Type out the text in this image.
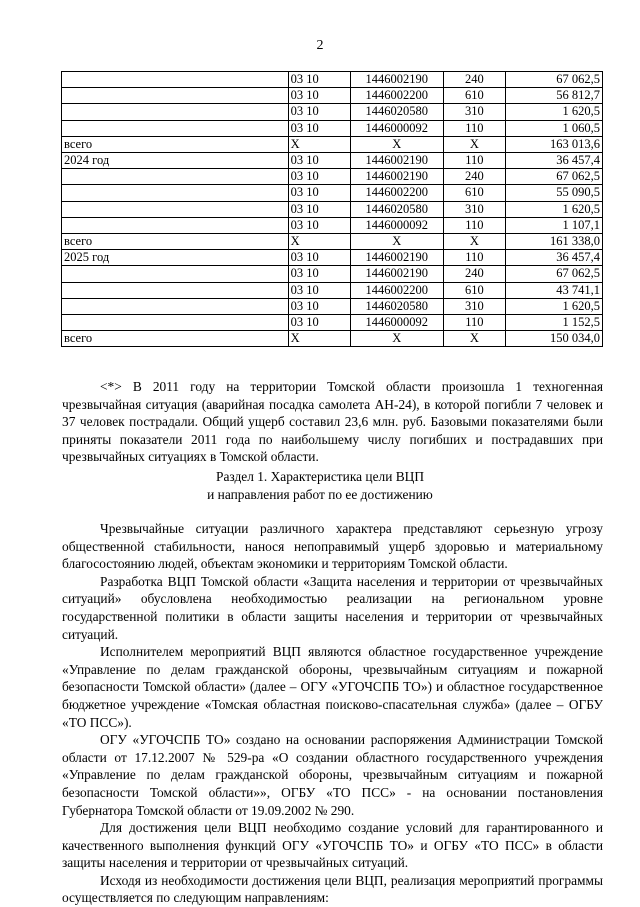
2
	03 10	1446002190	240	67 062,5
	03 10	1446002200	610	56 812,7
	03 10	1446020580	310	1 620,5
	03 10	1446000092	110	1 060,5
всего	X	X	X	163 013,6
2024 год	03 10	1446002190	110	36 457,4
	03 10	1446002190	240	67 062,5
	03 10	1446002200	610	55 090,5
	03 10	1446020580	310	1 620,5
	03 10	1446000092	110	1 107,1
всего	X	X	X	161 338,0
2025 год	03 10	1446002190	110	36 457,4
	03 10	1446002190	240	67 062,5
	03 10	1446002200	610	43 741,1
	03 10	1446020580	310	1 620,5
	03 10	1446000092	110	1 152,5
всего	X	X	X	150 034,0

<*> В 2011 году на территории Томской области произошла 1 техногенная чрезвычайная ситуация (аварийная посадка самолета АН-24), в которой погибли 7 человек и 37 человек пострадали. Общий ущерб составил 23,6 млн. руб. Базовыми показателями были приняты показатели 2011 года по наибольшему числу погибших и пострадавших при чрезвычайных ситуациях в Томской области.

Раздел 1. Характеристика цели ВЦП
и направления работ по ее достижению

Чрезвычайные ситуации различного характера представляют серьезную угрозу общественной стабильности, нанося непоправимый ущерб здоровью и материальному благосостоянию людей, объектам экономики и территориям Томской области.

Разработка ВЦП Томской области «Защита населения и территории от чрезвычайных ситуаций» обусловлена необходимостью реализации на региональном уровне государственной политики в области защиты населения и территории от чрезвычайных ситуаций.

Исполнителем мероприятий ВЦП являются областное государственное учреждение «Управление по делам гражданской обороны, чрезвычайным ситуациям и пожарной безопасности Томской области» (далее – ОГУ «УГОЧСПБ ТО») и областное государственное бюджетное учреждение «Томская областная поисково-спасательная служба» (далее – ОГБУ «ТО ПСС»).

ОГУ «УГОЧСПБ ТО» создано на основании распоряжения Администрации Томской области от 17.12.2007 № 529-ра «О создании областного государственного учреждения «Управление по делам гражданской обороны, чрезвычайным ситуациям и пожарной безопасности Томской области»», ОГБУ «ТО ПСС» - на основании постановления Губернатора Томской области от 19.09.2002 № 290.

Для достижения цели ВЦП необходимо создание условий для гарантированного и качественного выполнения функций ОГУ «УГОЧСПБ ТО» и ОГБУ «ТО ПСС» в области защиты населения и территории от чрезвычайных ситуаций.

Исходя из необходимости достижения цели ВЦП, реализация мероприятий программы осуществляется по следующим направлениям:
